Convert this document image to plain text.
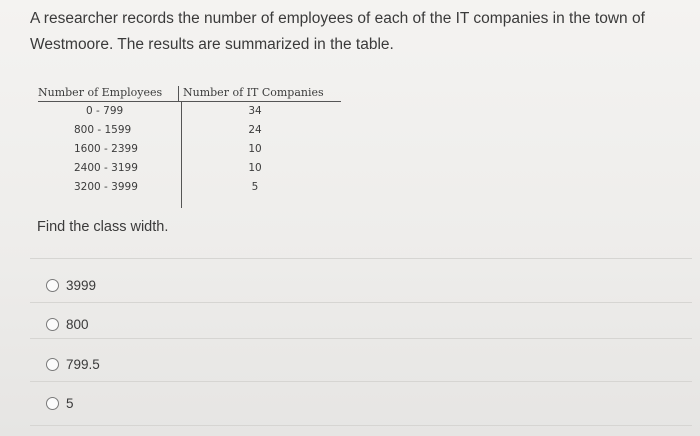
A researcher records the number of employees of each of the IT companies in the town of Westmoore. The results are summarized in the table.
Number of Employees	Number of IT Companies
0 - 799
800 - 1599
1600 - 2399
2400 - 3199
3200 - 3999
34
24
10
10
5
Find the class width.
3999
800
799.5
5
